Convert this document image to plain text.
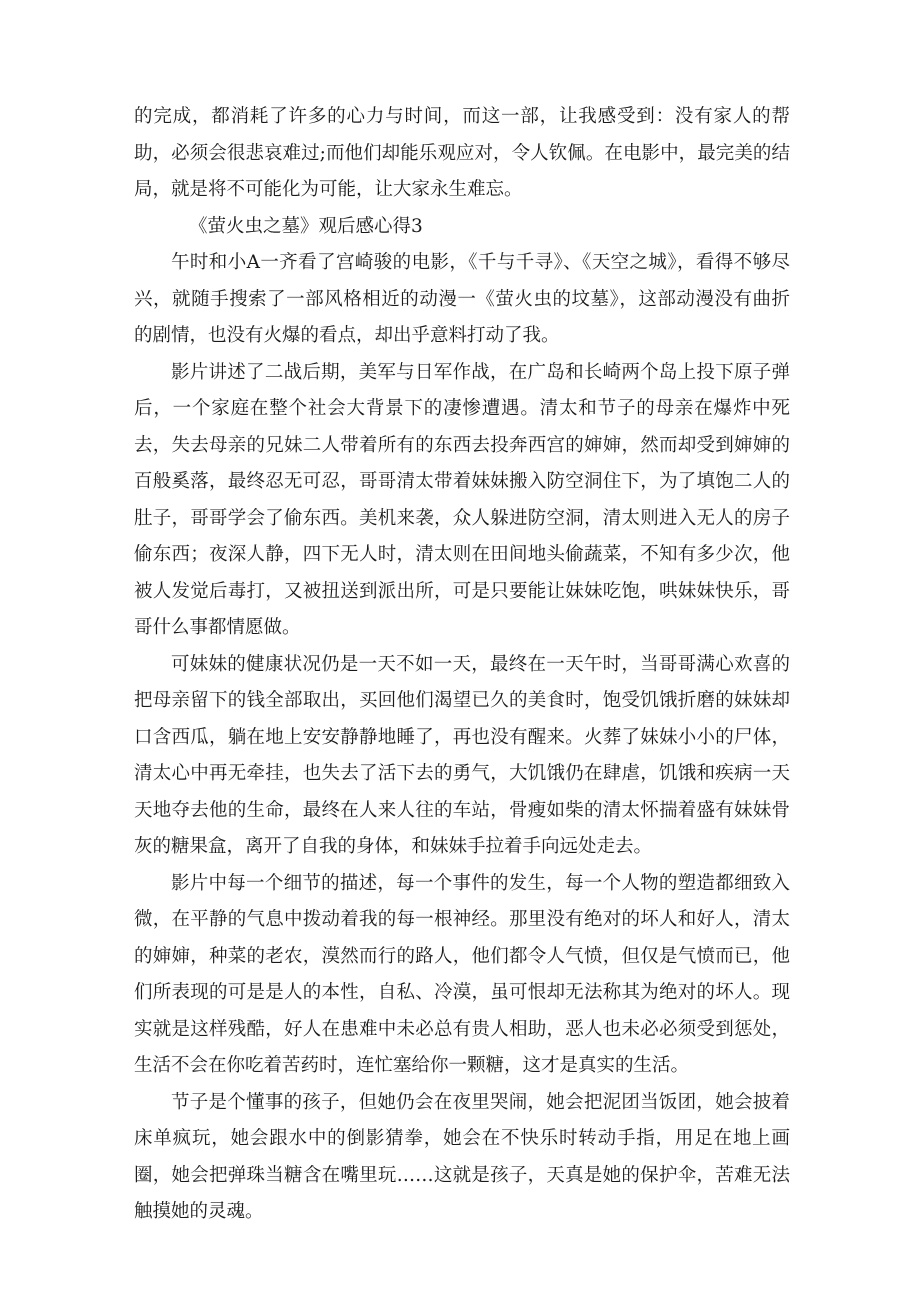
的完成，都消耗了许多的心力与时间，而这一部，让我感受到：没有家人的帮助，必须会很悲哀难过;而他们却能乐观应对，令人钦佩。在电影中，最完美的结局，就是将不可能化为可能，让大家永生难忘。

《萤火虫之墓》观后感心得3

午时和小A一齐看了宫崎骏的电影，《千与千寻》、《天空之城》，看得不够尽兴，就随手搜索了一部风格相近的动漫一《萤火虫的坟墓》，这部动漫没有曲折的剧情，也没有火爆的看点，却出乎意料打动了我。

影片讲述了二战后期，美军与日军作战，在广岛和长崎两个岛上投下原子弹后，一个家庭在整个社会大背景下的凄惨遭遇。清太和节子的母亲在爆炸中死去，失去母亲的兄妹二人带着所有的东西去投奔西宫的婶婶，然而却受到婶婶的百般奚落，最终忍无可忍，哥哥清太带着妹妹搬入防空洞住下，为了填饱二人的肚子，哥哥学会了偷东西。美机来袭，众人躲进防空洞，清太则进入无人的房子偷东西；夜深人静，四下无人时，清太则在田间地头偷蔬菜，不知有多少次，他被人发觉后毒打，又被扭送到派出所，可是只要能让妹妹吃饱，哄妹妹快乐，哥哥什么事都情愿做。

可妹妹的健康状况仍是一天不如一天，最终在一天午时，当哥哥满心欢喜的把母亲留下的钱全部取出，买回他们渴望已久的美食时，饱受饥饿折磨的妹妹却口含西瓜，躺在地上安安静静地睡了，再也没有醒来。火葬了妹妹小小的尸体，清太心中再无牵挂，也失去了活下去的勇气，大饥饿仍在肆虐，饥饿和疾病一天天地夺去他的生命，最终在人来人往的车站，骨瘦如柴的清太怀揣着盛有妹妹骨灰的糖果盒，离开了自我的身体，和妹妹手拉着手向远处走去。

影片中每一个细节的描述，每一个事件的发生，每一个人物的塑造都细致入微，在平静的气息中拨动着我的每一根神经。那里没有绝对的坏人和好人，清太的婶婶，种菜的老农，漠然而行的路人，他们都令人气愤，但仅是气愤而已，他们所表现的可是是人的本性，自私、冷漠，虽可恨却无法称其为绝对的坏人。现实就是这样残酷，好人在患难中未必总有贵人相助，恶人也未必必须受到惩处，生活不会在你吃着苦药时，连忙塞给你一颗糖，这才是真实的生活。

节子是个懂事的孩子，但她仍会在夜里哭闹，她会把泥团当饭团，她会披着床单疯玩，她会跟水中的倒影猜拳，她会在不快乐时转动手指，用足在地上画圈，她会把弹珠当糖含在嘴里玩……这就是孩子，天真是她的保护伞，苦难无法触摸她的灵魂。
